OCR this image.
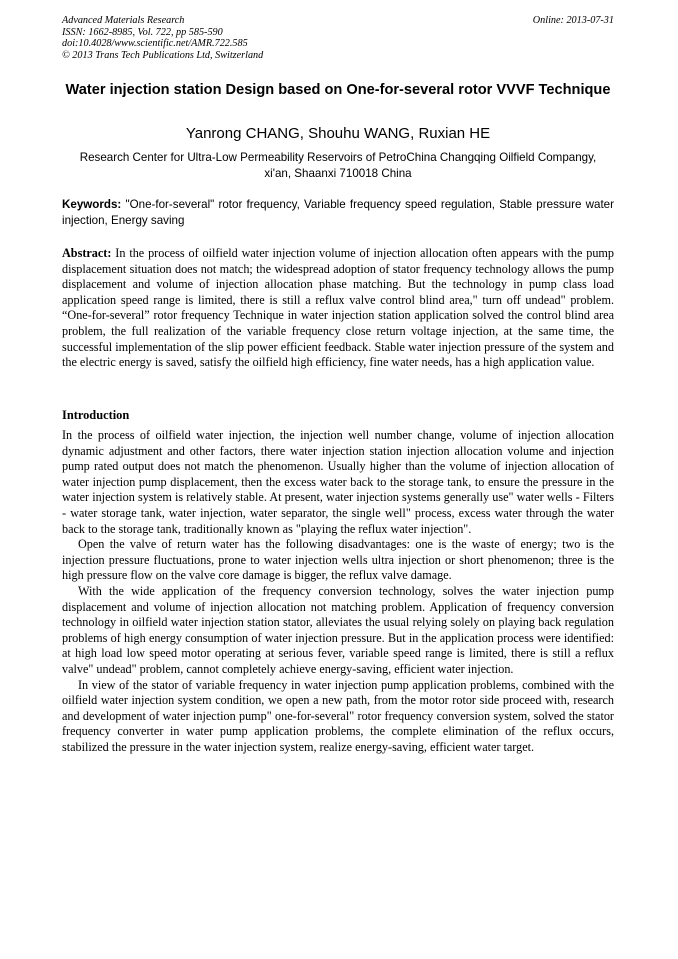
Advanced Materials Research
ISSN: 1662-8985, Vol. 722, pp 585-590
doi:10.4028/www.scientific.net/AMR.722.585
© 2013 Trans Tech Publications Ltd, Switzerland
Online: 2013-07-31
Water injection station Design based on One-for-several rotor VVVF Technique
Yanrong CHANG, Shouhu WANG, Ruxian HE
Research Center for Ultra-Low Permeability Reservoirs of PetroChina Changqing Oilfield Compangy, xi'an, Shaanxi 710018 China
Keywords: "One-for-several" rotor frequency, Variable frequency speed regulation, Stable pressure water injection, Energy saving
Abstract: In the process of oilfield water injection volume of injection allocation often appears with the pump displacement situation does not match; the widespread adoption of stator frequency technology allows the pump displacement and volume of injection allocation phase matching. But the technology in pump class load application speed range is limited, there is still a reflux valve control blind area," turn off undead" problem. “One-for-several” rotor frequency Technique in water injection station application solved the control blind area problem, the full realization of the variable frequency close return voltage injection, at the same time, the successful implementation of the slip power efficient feedback. Stable water injection pressure of the system and the electric energy is saved, satisfy the oilfield high efficiency, fine water needs, has a high application value.
Introduction

In the process of oilfield water injection, the injection well number change, volume of injection allocation dynamic adjustment and other factors, there water injection station injection allocation volume and injection pump rated output does not match the phenomenon. Usually higher than the volume of injection allocation of water injection pump displacement, then the excess water back to the storage tank, to ensure the pressure in the water injection system is relatively stable. At present, water injection systems generally use" water wells - Filters - water storage tank, water injection, water separator, the single well" process, excess water through the water back to the storage tank, traditionally known as "playing the reflux water injection".

Open the valve of return water has the following disadvantages: one is the waste of energy; two is the injection pressure fluctuations, prone to water injection wells ultra injection or short phenomenon; three is the high pressure flow on the valve core damage is bigger, the reflux valve damage.

With the wide application of the frequency conversion technology, solves the water injection pump displacement and volume of injection allocation not matching problem. Application of frequency conversion technology in oilfield water injection station stator, alleviates the usual relying solely on playing back regulation problems of high energy consumption of water injection pressure. But in the application process were identified: at high load low speed motor operating at serious fever, variable speed range is limited, there is still a reflux valve" undead" problem, cannot completely achieve energy-saving, efficient water injection.

In view of the stator of variable frequency in water injection pump application problems, combined with the oilfield water injection system condition, we open a new path, from the motor rotor side proceed with, research and development of water injection pump" one-for-several" rotor frequency conversion system, solved the stator frequency converter in water pump application problems, the complete elimination of the reflux occurs, stabilized the pressure in the water injection system, realize energy-saving, efficient water target.
